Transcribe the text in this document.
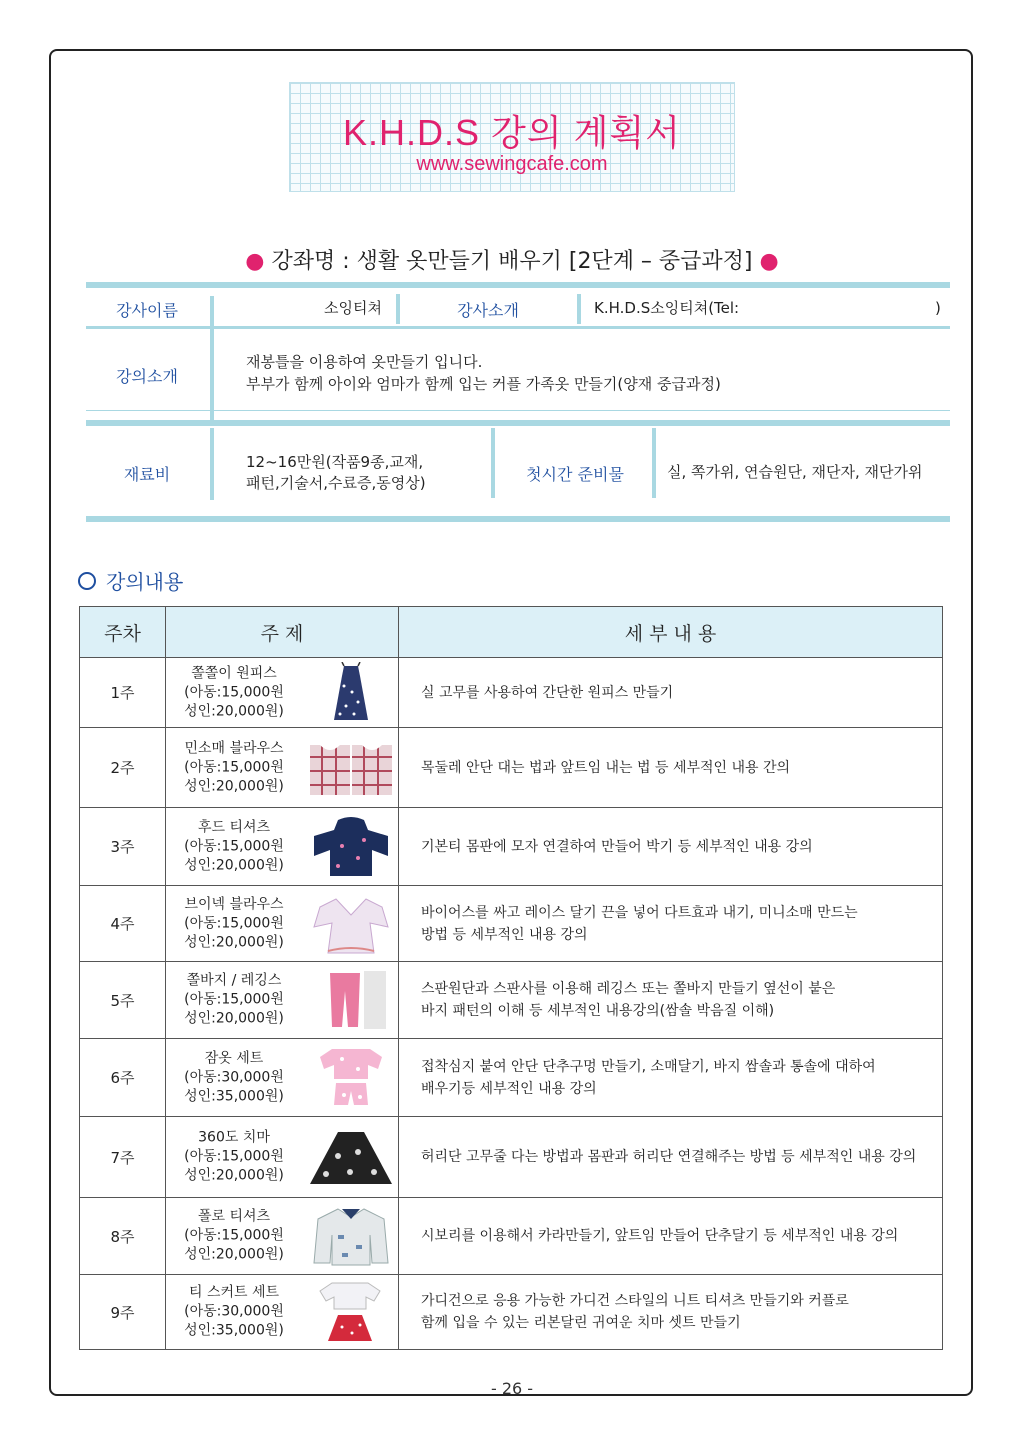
K.H.D.S 강의 계획서
www.sewingcafe.com
● 강좌명 : 생활 옷만들기 배우기 [2단계 – 중급과정] ●
강사이름	소잉티쳐	강사소개	K.H.D.S소잉티쳐(Tel:	)
강의소개
재봉틀을 이용하여 옷만들기 입니다.
부부가 함께 아이와 엄마가 함께 입는 커플 가족옷 만들기(양재 중급과정)
재료비
12~16만원(작품9종,교재,
패턴,기술서,수료증,동영상)	첫시간 준비물	실, 쪽가위, 연습원단, 재단자, 재단가위
강의내용
주차	주 제	세 부 내 용
1주	쫄쫄이 원피스
(아동:15,000원
성인:20,000원)	실 고무를 사용하여 간단한 원피스 만들기
2주	민소매 블라우스
(아동:15,000원
성인:20,000원)	목둘레 안단 대는 법과 앞트임 내는 법 등 세부적인 내용 간의
3주	후드 티셔츠
(아동:15,000원
성인:20,000원)	기본티 몸판에 모자 연결하여 만들어 박기 등 세부적인 내용 강의
4주	브이넥 블라우스
(아동:15,000원
성인:20,000원)	바이어스를 싸고 레이스 달기 끈을 넣어 다트효과 내기, 미니소매 만드는
방법 등 세부적인 내용 강의
5주	쫄바지 / 레깅스
(아동:15,000원
성인:20,000원)	스판원단과 스판사를 이용해 레깅스 또는 쫄바지 만들기 옆선이 붙은
바지 패턴의 이해 등 세부적인 내용강의(쌈솔 박음질 이해)
6주	잠옷 세트
(아동:30,000원
성인:35,000원)	접착심지 붙여 안단 단추구멍 만들기, 소매달기, 바지 쌈솔과 통솔에 대하여
배우기등 세부적인 내용 강의
7주	360도 치마
(아동:15,000원
성인:20,000원)	허리단 고무줄 다는 방법과 몸판과 허리단 연결해주는 방법 등 세부적인 내용 강의
8주	폴로 티셔츠
(아동:15,000원
성인:20,000원)	시보리를 이용해서 카라만들기, 앞트임 만들어 단추달기 등 세부적인 내용 강의
9주	티 스커트 세트
(아동:30,000원
성인:35,000원)	가디건으로 응용 가능한 가디건 스타일의 니트 티셔츠 만들기와 커플로
함께 입을 수 있는 리본달린 귀여운 치마 셋트 만들기
- 26 -
